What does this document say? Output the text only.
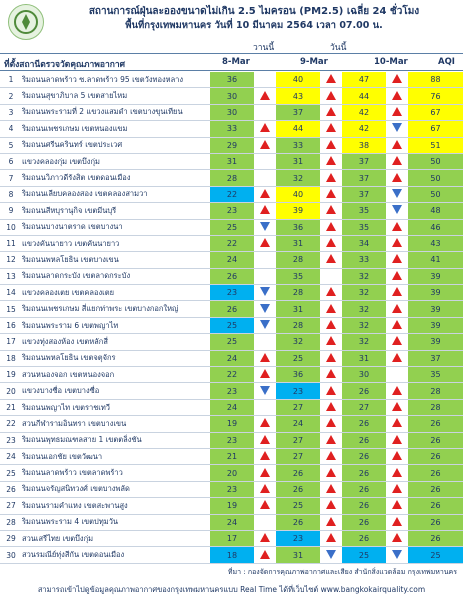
สถานการณ์ฝุ่นละอองขนาดไม่เกิน 2.5 ไมครอน (PM2.5) เฉลี่ย 24 ชั่วโมง
พื้นที่กรุงเทพมหานคร วันที่ 10 มีนาคม 2564 เวลา 07.00 น.
วานนี้	วันนี้
ที่ตั้งสถานีตรวจวัดคุณภาพอากาศ	8-Mar	9-Mar	10-Mar	AQI
1	ริมถนนลาดพร้าว ซ.ลาดพร้าว 95 เขตวังทองหลาง	36		40		47		88
2	ริมถนนสุขาภิบาล 5 เขตสายไหม	30		43		44		76
3	ริมถนนพระรามที่ 2 แขวงแสมดำ เขตบางขุนเทียน	30		37		42		67
4	ริมถนนเพชรเกษม เขตหนองแขม	33		44		42		67
5	ริมถนนศรีนครินทร์ เขตประเวศ	29		33		38		51
6	แขวงคลองกุ่ม เขตบึงกุ่ม	31		31		37		50
7	ริมถนนวิภาวดีรังสิต เขตดอนเมือง	28		32		37		50
8	ริมถนนเลียบคลองสอง เขตคลองสามวา	22		40		37		50
9	ริมถนนสีหบุรานุกิจ เขตมีนบุรี	23		39		35		48
10	ริมถนนบางนาตราด เขตบางนา	25		36		35		46
11	แขวงคันนายาว เขตคันนายาว	22		31		34		43
12	ริมถนนพหลโยธิน เขตบางเขน	24		28		33		41
13	ริมถนนลาดกระบัง เขตลาดกระบัง	26		35		32		39
14	แขวงคลองเตย เขตคลองเตย	23		28		32		39
15	ริมถนนเพชรเกษม สี่แยกท่าพระ เขตบางกอกใหญ่	26		31		32		39
16	ริมถนนพระราม 6 เขตพญาไท	25		28		32		39
17	แขวงทุ่งสองห้อง เขตหลักสี่	25		32		32		39
18	ริมถนนพหลโยธิน เขตจตุจักร	24		25		31		37
19	สวนหนองจอก เขตหนองจอก	22		36		30		35
20	แขวงบางซื่อ เขตบางซื่อ	23		23		26		28
21	ริมถนนพญาไท เขตราชเทวี	24		27		27		28
22	สวนกีฬารามอินทรา เขตบางเขน	19		24		26		26
23	ริมถนนพุทธมณฑลสาย 1 เขตตลิ่งชัน	23		27		26		26
24	ริมถนนเอกชัย เขตวัฒนา	21		27		26		26
25	ริมถนนลาดพร้าว เขตลาดพร้าว	20		26		26		26
26	ริมถนนจรัญสนิทวงศ์ เขตบางพลัด	23		26		26		26
27	ริมถนนรามคำแหง เขตสะพานสูง	19		25		26		26
28	ริมถนนพระราม 4 เขตปทุมวัน	24		26		26		26
29	สวนเสรีไทย เขตบึงกุ่ม	17		23		26		26
30	สวนรมณีย์ทุ่งสีกัน เขตดอนเมือง	18		31		25		25
ที่มา : กองจัดการคุณภาพอากาศและเสียง สำนักสิ่งแวดล้อม กรุงเทพมหานคร
สามารถเข้าไปดูข้อมูลคุณภาพอากาศของกรุงเทพมหานครแบบ Real Time ได้ที่เว็บไซต์ www.bangkokairquality.com
